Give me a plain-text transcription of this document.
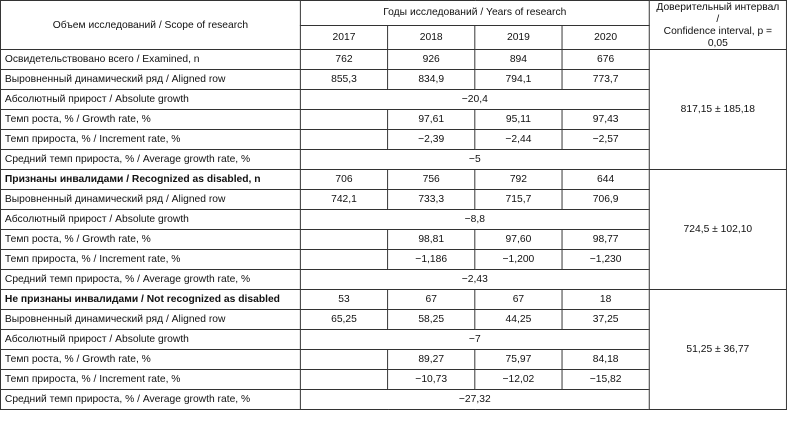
Объем исследований / Scope of research	Годы исследований / Years of research				Доверительный интервал /
Confidence interval, p = 0,05

	2017	2018	2019	2020	
Освидетельствовано всего / Examined, n	762	926	894	676	817,15 ± 185,18
Выровненный динамический ряд / Aligned row	855,3	834,9	794,1	773,7	
Абсолютный прирост / Absolute growth	−20,4				
Темп роста, % / Growth rate, %		97,61	95,11	97,43	
Темп прироста, % / Increment rate, %		−2,39	−2,44	−2,57	
Средний темп прироста, % / Average growth rate, %	−5				
Признаны инвалидами / Recognized as disabled, n	706	756	792	644	724,5 ± 102,10
Выровненный динамический ряд / Aligned row	742,1	733,3	715,7	706,9	
Абсолютный прирост / Absolute growth	−8,8				
Темп роста, % / Growth rate, %		98,81	97,60	98,77	
Темп прироста, % / Increment rate, %		−1,186	−1,200	−1,230	
Средний темп прироста, % / Average growth rate, %	−2,43				
Не признаны инвалидами / Not recognized as disabled	53	67	67	18	51,25 ± 36,77
Выровненный динамический ряд / Aligned row	65,25	58,25	44,25	37,25	
Абсолютный прирост / Absolute growth	−7				
Темп роста, % / Growth rate, %		89,27	75,97	84,18	
Темп прироста, % / Increment rate, %		−10,73	−12,02	−15,82	
Средний темп прироста, % / Average growth rate, %	−27,32				
